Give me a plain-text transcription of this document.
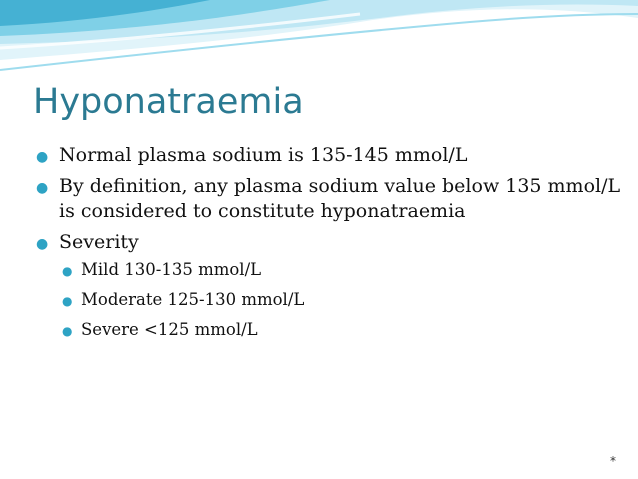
Hyponatraemia
● Normal plasma sodium is 135-145 mmol/L
● By definition, any plasma sodium value below 135 mmol/L is considered to constitute hyponatraemia
● Severity
● Mild 130-135 mmol/L
● Moderate 125-130 mmol/L
● Severe <125 mmol/L
*
